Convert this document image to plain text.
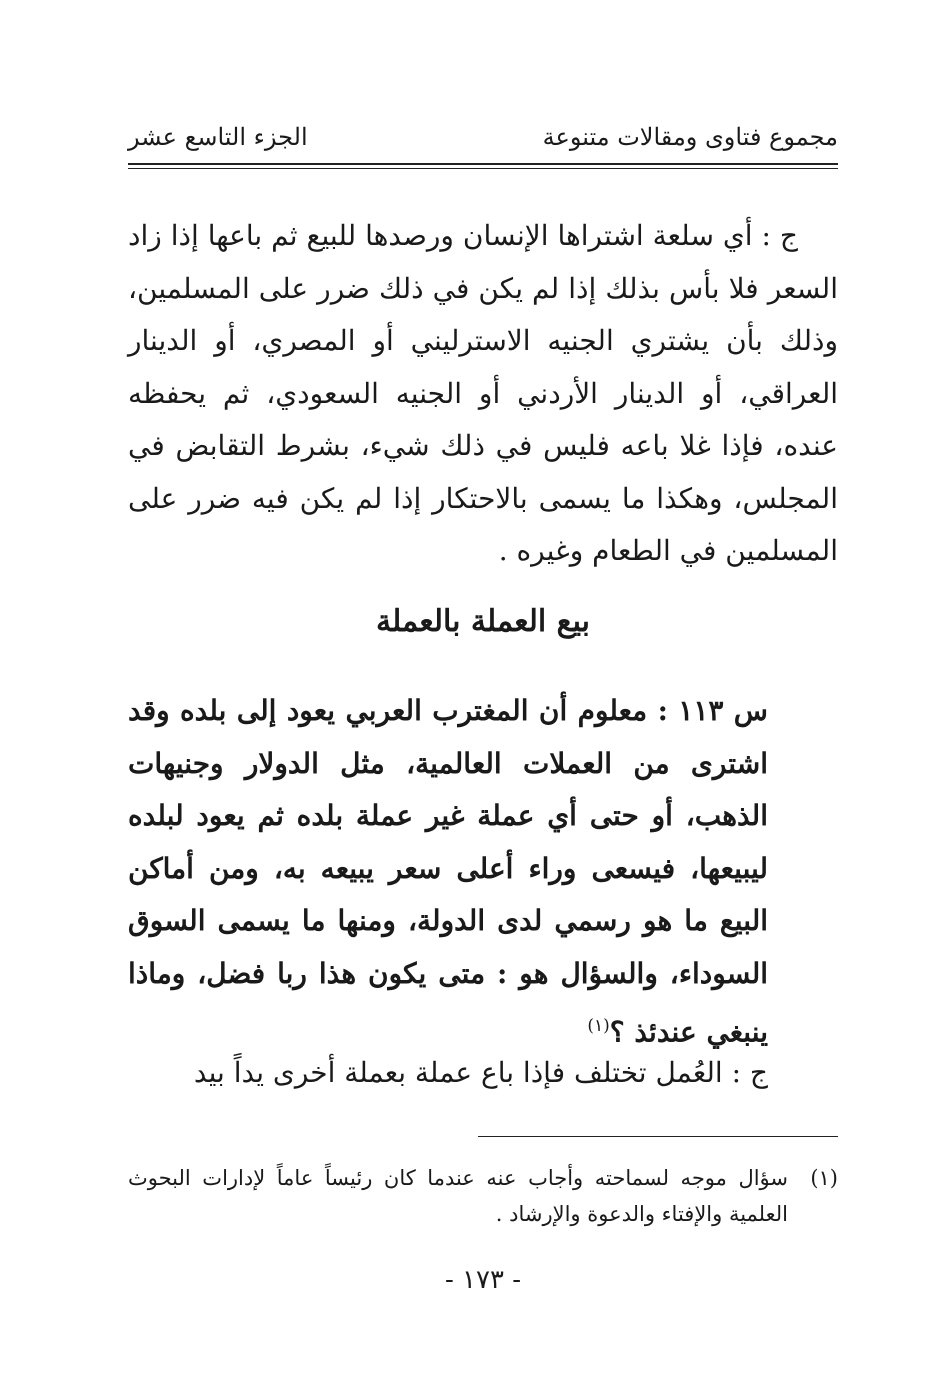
مجموع فتاوى ومقالات متنوعة
الجزء التاسع عشر

ج : أي سلعة اشتراها الإنسان ورصدها للبيع ثم باعها إذا زاد السعر فلا بأس بذلك إذا لم يكن في ذلك ضرر على المسلمين، وذلك بأن يشتري الجنيه الاسترليني أو المصري، أو الدينار العراقي، أو الدينار الأردني أو الجنيه السعودي، ثم يحفظه عنده، فإذا غلا باعه فليس في ذلك شيء، بشرط التقابض في المجلس، وهكذا ما يسمى بالاحتكار إذا لم يكن فيه ضرر على المسلمين في الطعام وغيره .

بيع العملة بالعملة

س ١١٣ : معلوم أن المغترب العربي يعود إلى بلده وقد اشترى من العملات العالمية، مثل الدولار وجنيهات الذهب، أو حتى أي عملة غير عملة بلده ثم يعود لبلده ليبيعها، فيسعى وراء أعلى سعر يبيعه به، ومن أماكن البيع ما هو رسمي لدى الدولة، ومنها ما يسمى السوق السوداء، والسؤال هو : متى يكون هذا ربا فضل، وماذا ينبغي عندئذ ؟$^{(١)}$

ج : العُمل تختلف فإذا باع عملة بعملة أخرى يداً بيد

(١)

سؤال موجه لسماحته وأجاب عنه عندما كان رئيساً عاماً لإدارات البحوث العلمية والإفتاء والدعوة والإرشاد .

- ١٧٣ -
